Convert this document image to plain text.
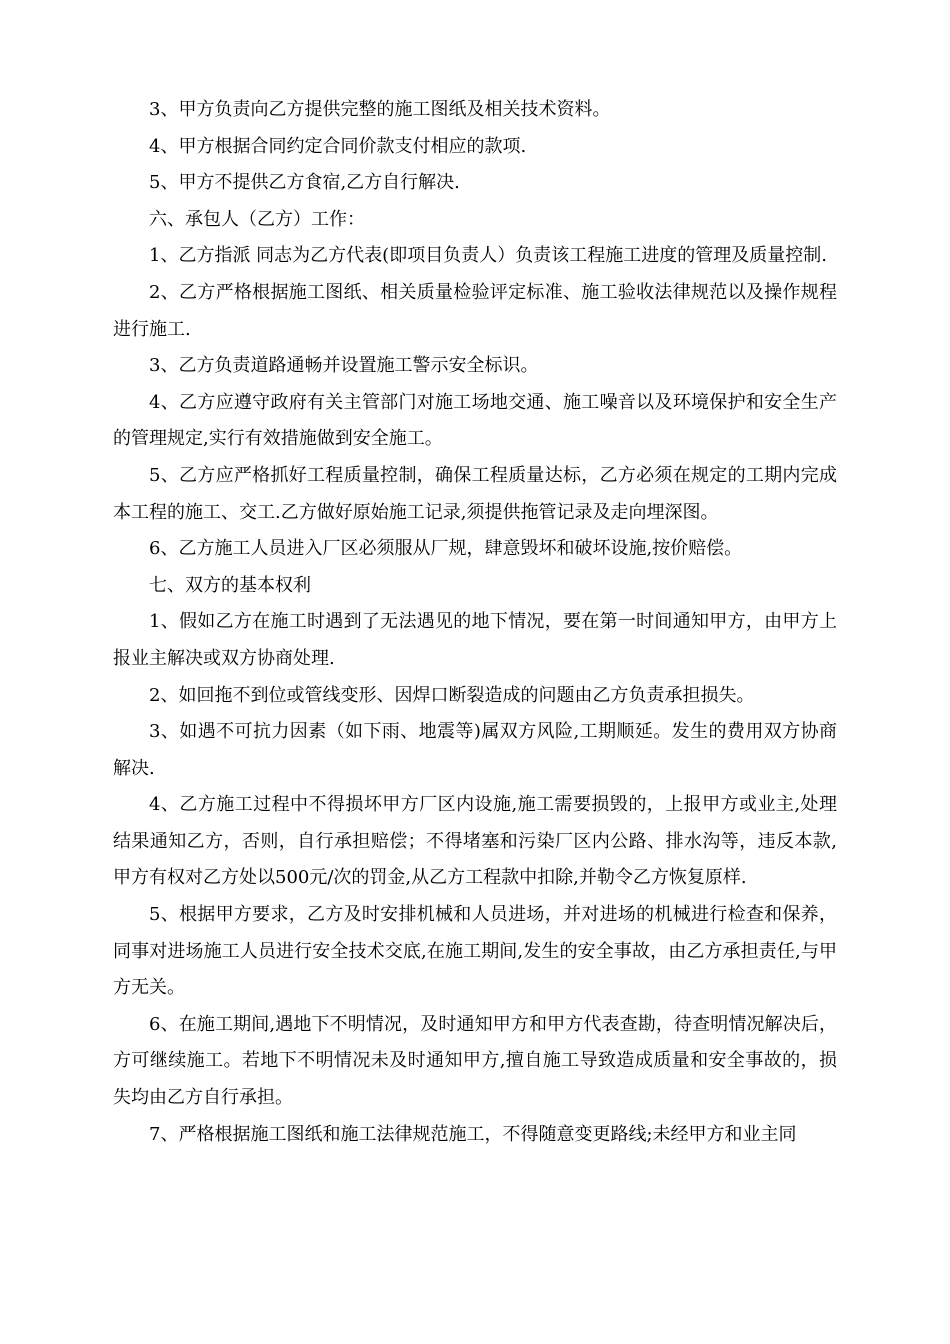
3、甲方负责向乙方提供完整的施工图纸及相关技术资料。

4、甲方根据合同约定合同价款支付相应的款项.

5、甲方不提供乙方食宿,乙方自行解决.

六、承包人（乙方）工作：

1、乙方指派 同志为乙方代表(即项目负责人）负责该工程施工进度的管理及质量控制.

2、乙方严格根据施工图纸、相关质量检验评定标准、施工验收法律规范以及操作规程进行施工.

3、乙方负责道路通畅并设置施工警示安全标识。

4、乙方应遵守政府有关主管部门对施工场地交通、施工噪音以及环境保护和安全生产的管理规定,实行有效措施做到安全施工。

5、乙方应严格抓好工程质量控制，确保工程质量达标，乙方必须在规定的工期内完成本工程的施工、交工.乙方做好原始施工记录,须提供拖管记录及走向埋深图。

6、乙方施工人员进入厂区必须服从厂规，肆意毁坏和破坏设施,按价赔偿。

七、双方的基本权利

1、假如乙方在施工时遇到了无法遇见的地下情况，要在第一时间通知甲方，由甲方上报业主解决或双方协商处理.

2、如回拖不到位或管线变形、因焊口断裂造成的问题由乙方负责承担损失。

3、如遇不可抗力因素（如下雨、地震等)属双方风险,工期顺延。发生的费用双方协商解决.

4、乙方施工过程中不得损坏甲方厂区内设施,施工需要损毁的，上报甲方或业主,处理结果通知乙方，否则，自行承担赔偿；不得堵塞和污染厂区内公路、排水沟等，违反本款,甲方有权对乙方处以500元/次的罚金,从乙方工程款中扣除,并勒令乙方恢复原样.

5、根据甲方要求，乙方及时安排机械和人员进场，并对进场的机械进行检查和保养，同事对进场施工人员进行安全技术交底,在施工期间,发生的安全事故，由乙方承担责任,与甲方无关。

6、在施工期间,遇地下不明情况，及时通知甲方和甲方代表查勘，待查明情况解决后，方可继续施工。若地下不明情况未及时通知甲方,擅自施工导致造成质量和安全事故的，损失均由乙方自行承担。

7、严格根据施工图纸和施工法律规范施工，不得随意变更路线;未经甲方和业主同
